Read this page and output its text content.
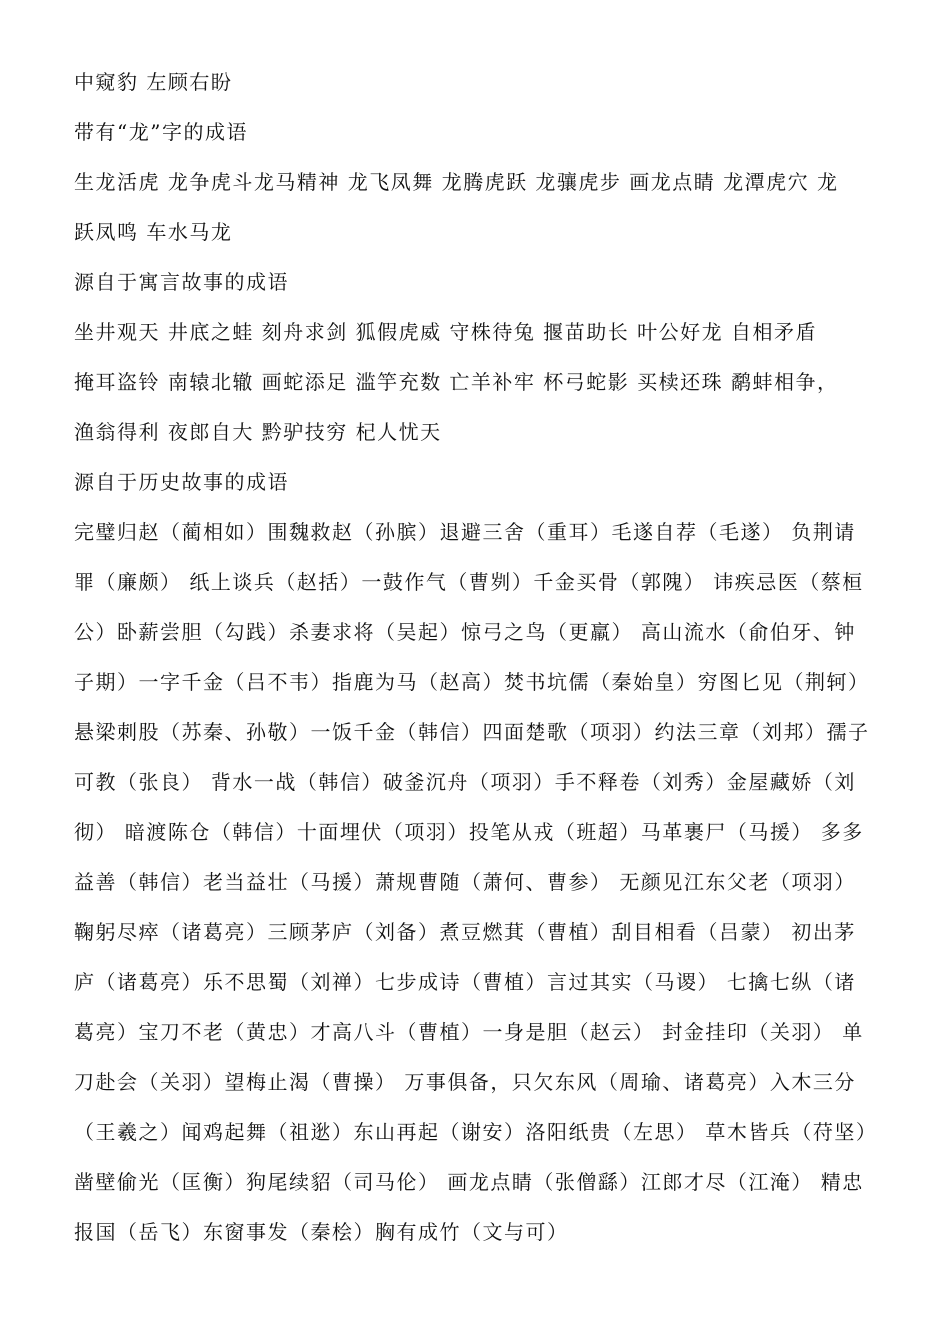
中窥豹 左顾右盼
带有“龙”字的成语
生龙活虎 龙争虎斗龙马精神 龙飞凤舞 龙腾虎跃 龙骧虎步 画龙点睛 龙潭虎穴 龙
跃凤鸣 车水马龙
源自于寓言故事的成语
坐井观天 井底之蛙 刻舟求剑 狐假虎威 守株待兔 揠苗助长 叶公好龙 自相矛盾
掩耳盗铃 南辕北辙 画蛇添足 滥竽充数 亡羊补牢 杯弓蛇影 买椟还珠 鹬蚌相争，
渔翁得利 夜郎自大 黔驴技穷 杞人忧天
源自于历史故事的成语
完璧归赵（蔺相如）围魏救赵（孙膑）退避三舍（重耳）毛遂自荐（毛遂） 负荆请
罪（廉颇） 纸上谈兵（赵括）一鼓作气（曹刿）千金买骨（郭隗） 讳疾忌医（蔡桓
公）卧薪尝胆（勾践）杀妻求将（吴起）惊弓之鸟（更羸） 高山流水（俞伯牙、钟
子期）一字千金（吕不韦）指鹿为马（赵高）焚书坑儒（秦始皇）穷图匕见（荆轲）
悬梁刺股（苏秦、孙敬）一饭千金（韩信）四面楚歌（项羽）约法三章（刘邦）孺子
可教（张良） 背水一战（韩信）破釜沉舟（项羽）手不释卷（刘秀）金屋藏娇（刘
彻） 暗渡陈仓（韩信）十面埋伏（项羽）投笔从戎（班超）马革裹尸（马援） 多多
益善（韩信）老当益壮（马援）萧规曹随（萧何、曹参） 无颜见江东父老（项羽）
鞠躬尽瘁（诸葛亮）三顾茅庐（刘备）煮豆燃萁（曹植）刮目相看（吕蒙） 初出茅
庐（诸葛亮）乐不思蜀（刘禅）七步成诗（曹植）言过其实（马谡） 七擒七纵（诸
葛亮）宝刀不老（黄忠）才高八斗（曹植）一身是胆（赵云） 封金挂印（关羽） 单
刀赴会（关羽）望梅止渴（曹操） 万事俱备，只欠东风（周瑜、诸葛亮）入木三分
（王羲之）闻鸡起舞（祖逖）东山再起（谢安）洛阳纸贵（左思） 草木皆兵（苻坚）
凿壁偷光（匡衡）狗尾续貂（司马伦） 画龙点睛（张僧繇）江郎才尽（江淹） 精忠
报国（岳飞）东窗事发（秦桧）胸有成竹（文与可）
